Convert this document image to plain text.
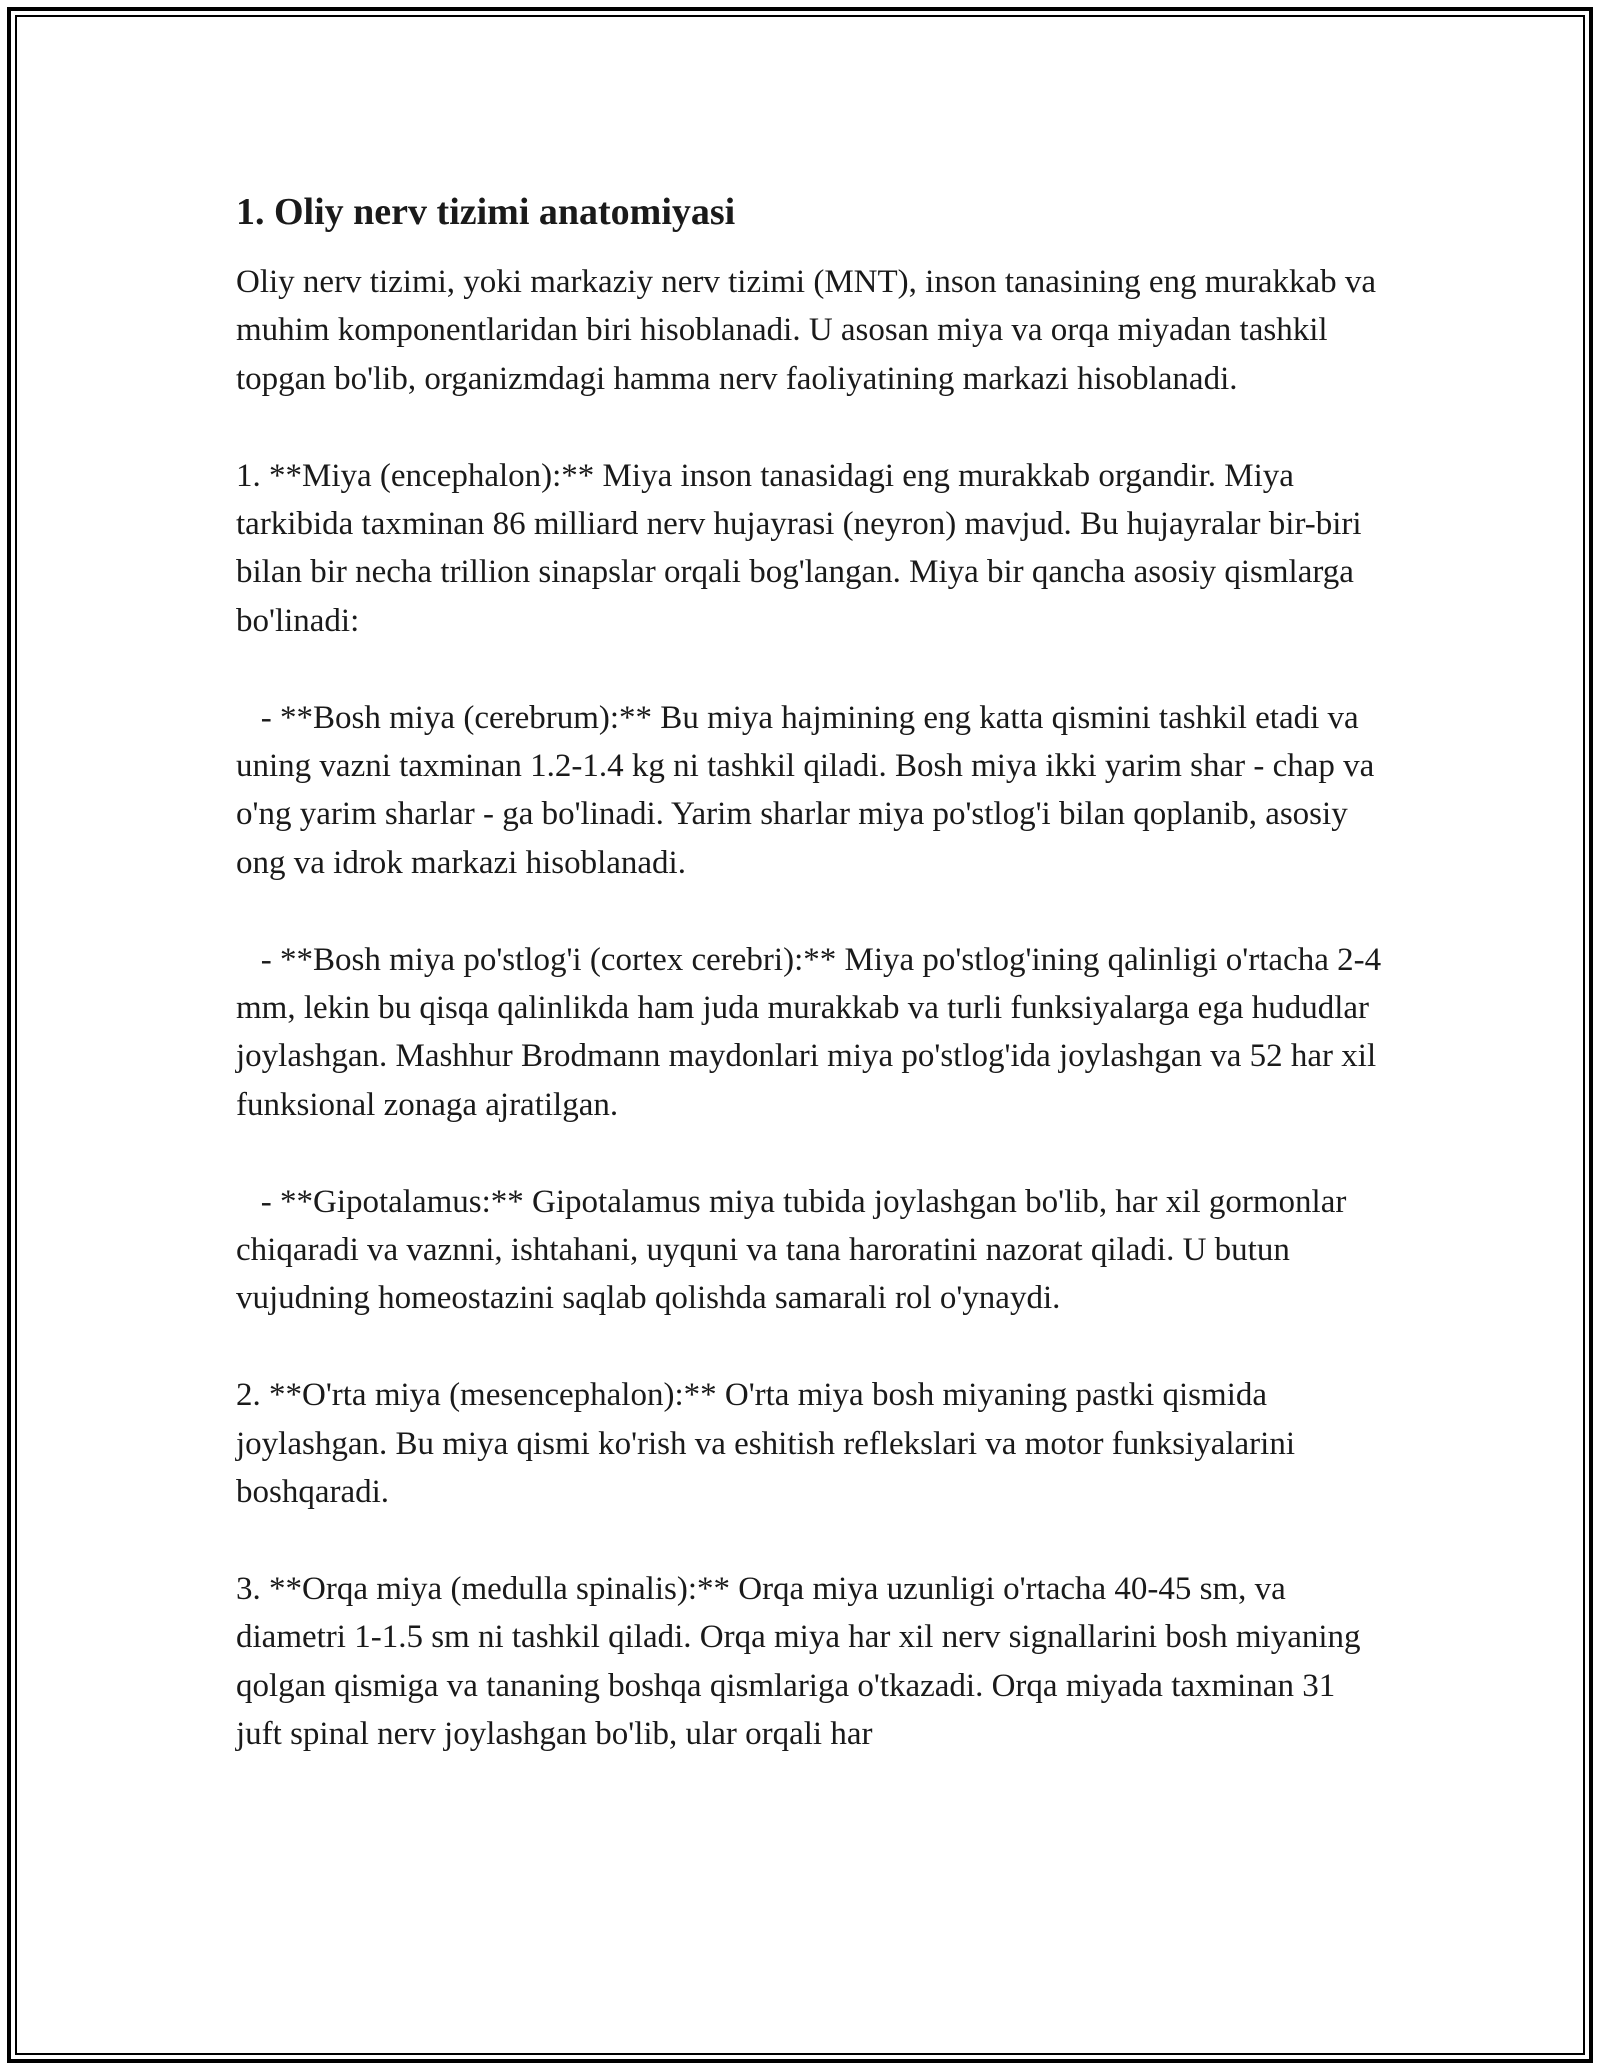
1. Oliy nerv tizimi anatomiyasi

Oliy nerv tizimi, yoki markaziy nerv tizimi (MNT), inson tanasining eng murakkab va muhim komponentlaridan biri hisoblanadi. U asosan miya va orqa miyadan tashkil topgan bo'lib, organizmdagi hamma nerv faoliyatining markazi hisoblanadi.

1. **Miya (encephalon):** Miya inson tanasidagi eng murakkab organdir. Miya tarkibida taxminan 86 milliard nerv hujayrasi (neyron) mavjud. Bu hujayralar bir-biri bilan bir necha trillion sinapslar orqali bog'langan. Miya bir qancha asosiy qismlarga bo'linadi:

- **Bosh miya (cerebrum):** Bu miya hajmining eng katta qismini tashkil etadi va uning vazni taxminan 1.2-1.4 kg ni tashkil qiladi. Bosh miya ikki yarim shar - chap va o'ng yarim sharlar - ga bo'linadi. Yarim sharlar miya po'stlog'i bilan qoplanib, asosiy ong va idrok markazi hisoblanadi.

- **Bosh miya po'stlog'i (cortex cerebri):** Miya po'stlog'ining qalinligi o'rtacha 2-4 mm, lekin bu qisqa qalinlikda ham juda murakkab va turli funksiyalarga ega hududlar joylashgan. Mashhur Brodmann maydonlari miya po'stlog'ida joylashgan va 52 har xil funksional zonaga ajratilgan.

- **Gipotalamus:** Gipotalamus miya tubida joylashgan bo'lib, har xil gormonlar chiqaradi va vaznni, ishtahani, uyquni va tana haroratini nazorat qiladi. U butun vujudning homeostazini saqlab qolishda samarali rol o'ynaydi.

2. **O'rta miya (mesencephalon):** O'rta miya bosh miyaning pastki qismida joylashgan. Bu miya qismi ko'rish va eshitish reflekslari va motor funksiyalarini boshqaradi.

3. **Orqa miya (medulla spinalis):** Orqa miya uzunligi o'rtacha 40-45 sm, va diametri 1-1.5 sm ni tashkil qiladi. Orqa miya har xil nerv signallarini bosh miyaning qolgan qismiga va tananing boshqa qismlariga o'tkazadi. Orqa miyada taxminan 31 juft spinal nerv joylashgan bo'lib, ular orqali har
